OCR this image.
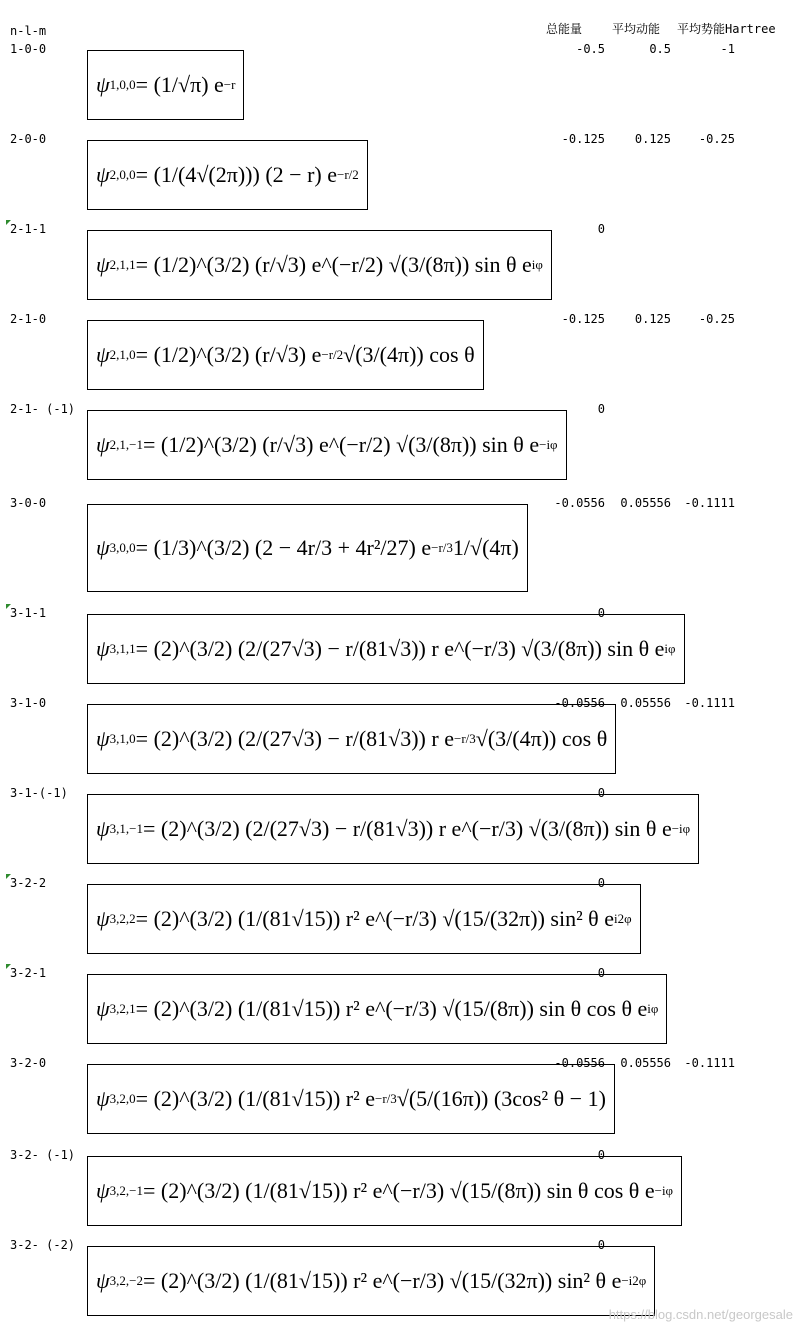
n-l-m	总能量 平均动能 平均势能Hartree
1-0-0	-0.5	0.5	-1
ψ 1,0,0 = (1/√π) e −r
2-0-0	-0.125 0.125 -0.25
ψ 2,0,0 = (1/(4√(2π))) (2 − r) e −r/2
2-1-1	0
ψ 2,1,1 = (1/2)^(3/2) (r/√3) e^(−r/2) √(3/(8π)) sin θ e iφ
2-1-0	-0.125 0.125 -0.25
ψ 2,1,0 = (1/2)^(3/2) (r/√3) e −r/2 √(3/(4π)) cos θ
2-1- (-1)	0
ψ 2,1,−1 = (1/2)^(3/2) (r/√3) e^(−r/2) √(3/(8π)) sin θ e −iφ
3-0-0	-0.0556 0.05556 -0.1111
ψ 3,0,0 = (1/3)^(3/2) (2 − 4r/3 + 4r²/27) e −r/3 1/√(4π)
3-1-1	0
ψ 3,1,1 = (2)^(3/2) (2/(27√3) − r/(81√3)) r e^(−r/3) √(3/(8π)) sin θ e iφ
3-1-0	-0.0556 0.05556 -0.1111
ψ 3,1,0 = (2)^(3/2) (2/(27√3) − r/(81√3)) r e −r/3 √(3/(4π)) cos θ
3-1-(-1)	0
ψ 3,1,−1 = (2)^(3/2) (2/(27√3) − r/(81√3)) r e^(−r/3) √(3/(8π)) sin θ e −iφ
3-2-2	0
ψ 3,2,2 = (2)^(3/2) (1/(81√15)) r² e^(−r/3) √(15/(32π)) sin² θ e i2φ
3-2-1	0
ψ 3,2,1 = (2)^(3/2) (1/(81√15)) r² e^(−r/3) √(15/(8π)) sin θ cos θ e iφ
3-2-0	-0.0556 0.05556 -0.1111
ψ 3,2,0 = (2)^(3/2) (1/(81√15)) r² e −r/3 √(5/(16π)) (3cos² θ − 1)
3-2- (-1)	0
ψ 3,2,−1 = (2)^(3/2) (1/(81√15)) r² e^(−r/3) √(15/(8π)) sin θ cos θ e −iφ
3-2- (-2)	0
ψ 3,2,−2 = (2)^(3/2) (1/(81√15)) r² e^(−r/3) √(15/(32π)) sin² θ e −i2φ
https://blog.csdn.net/georgesale
